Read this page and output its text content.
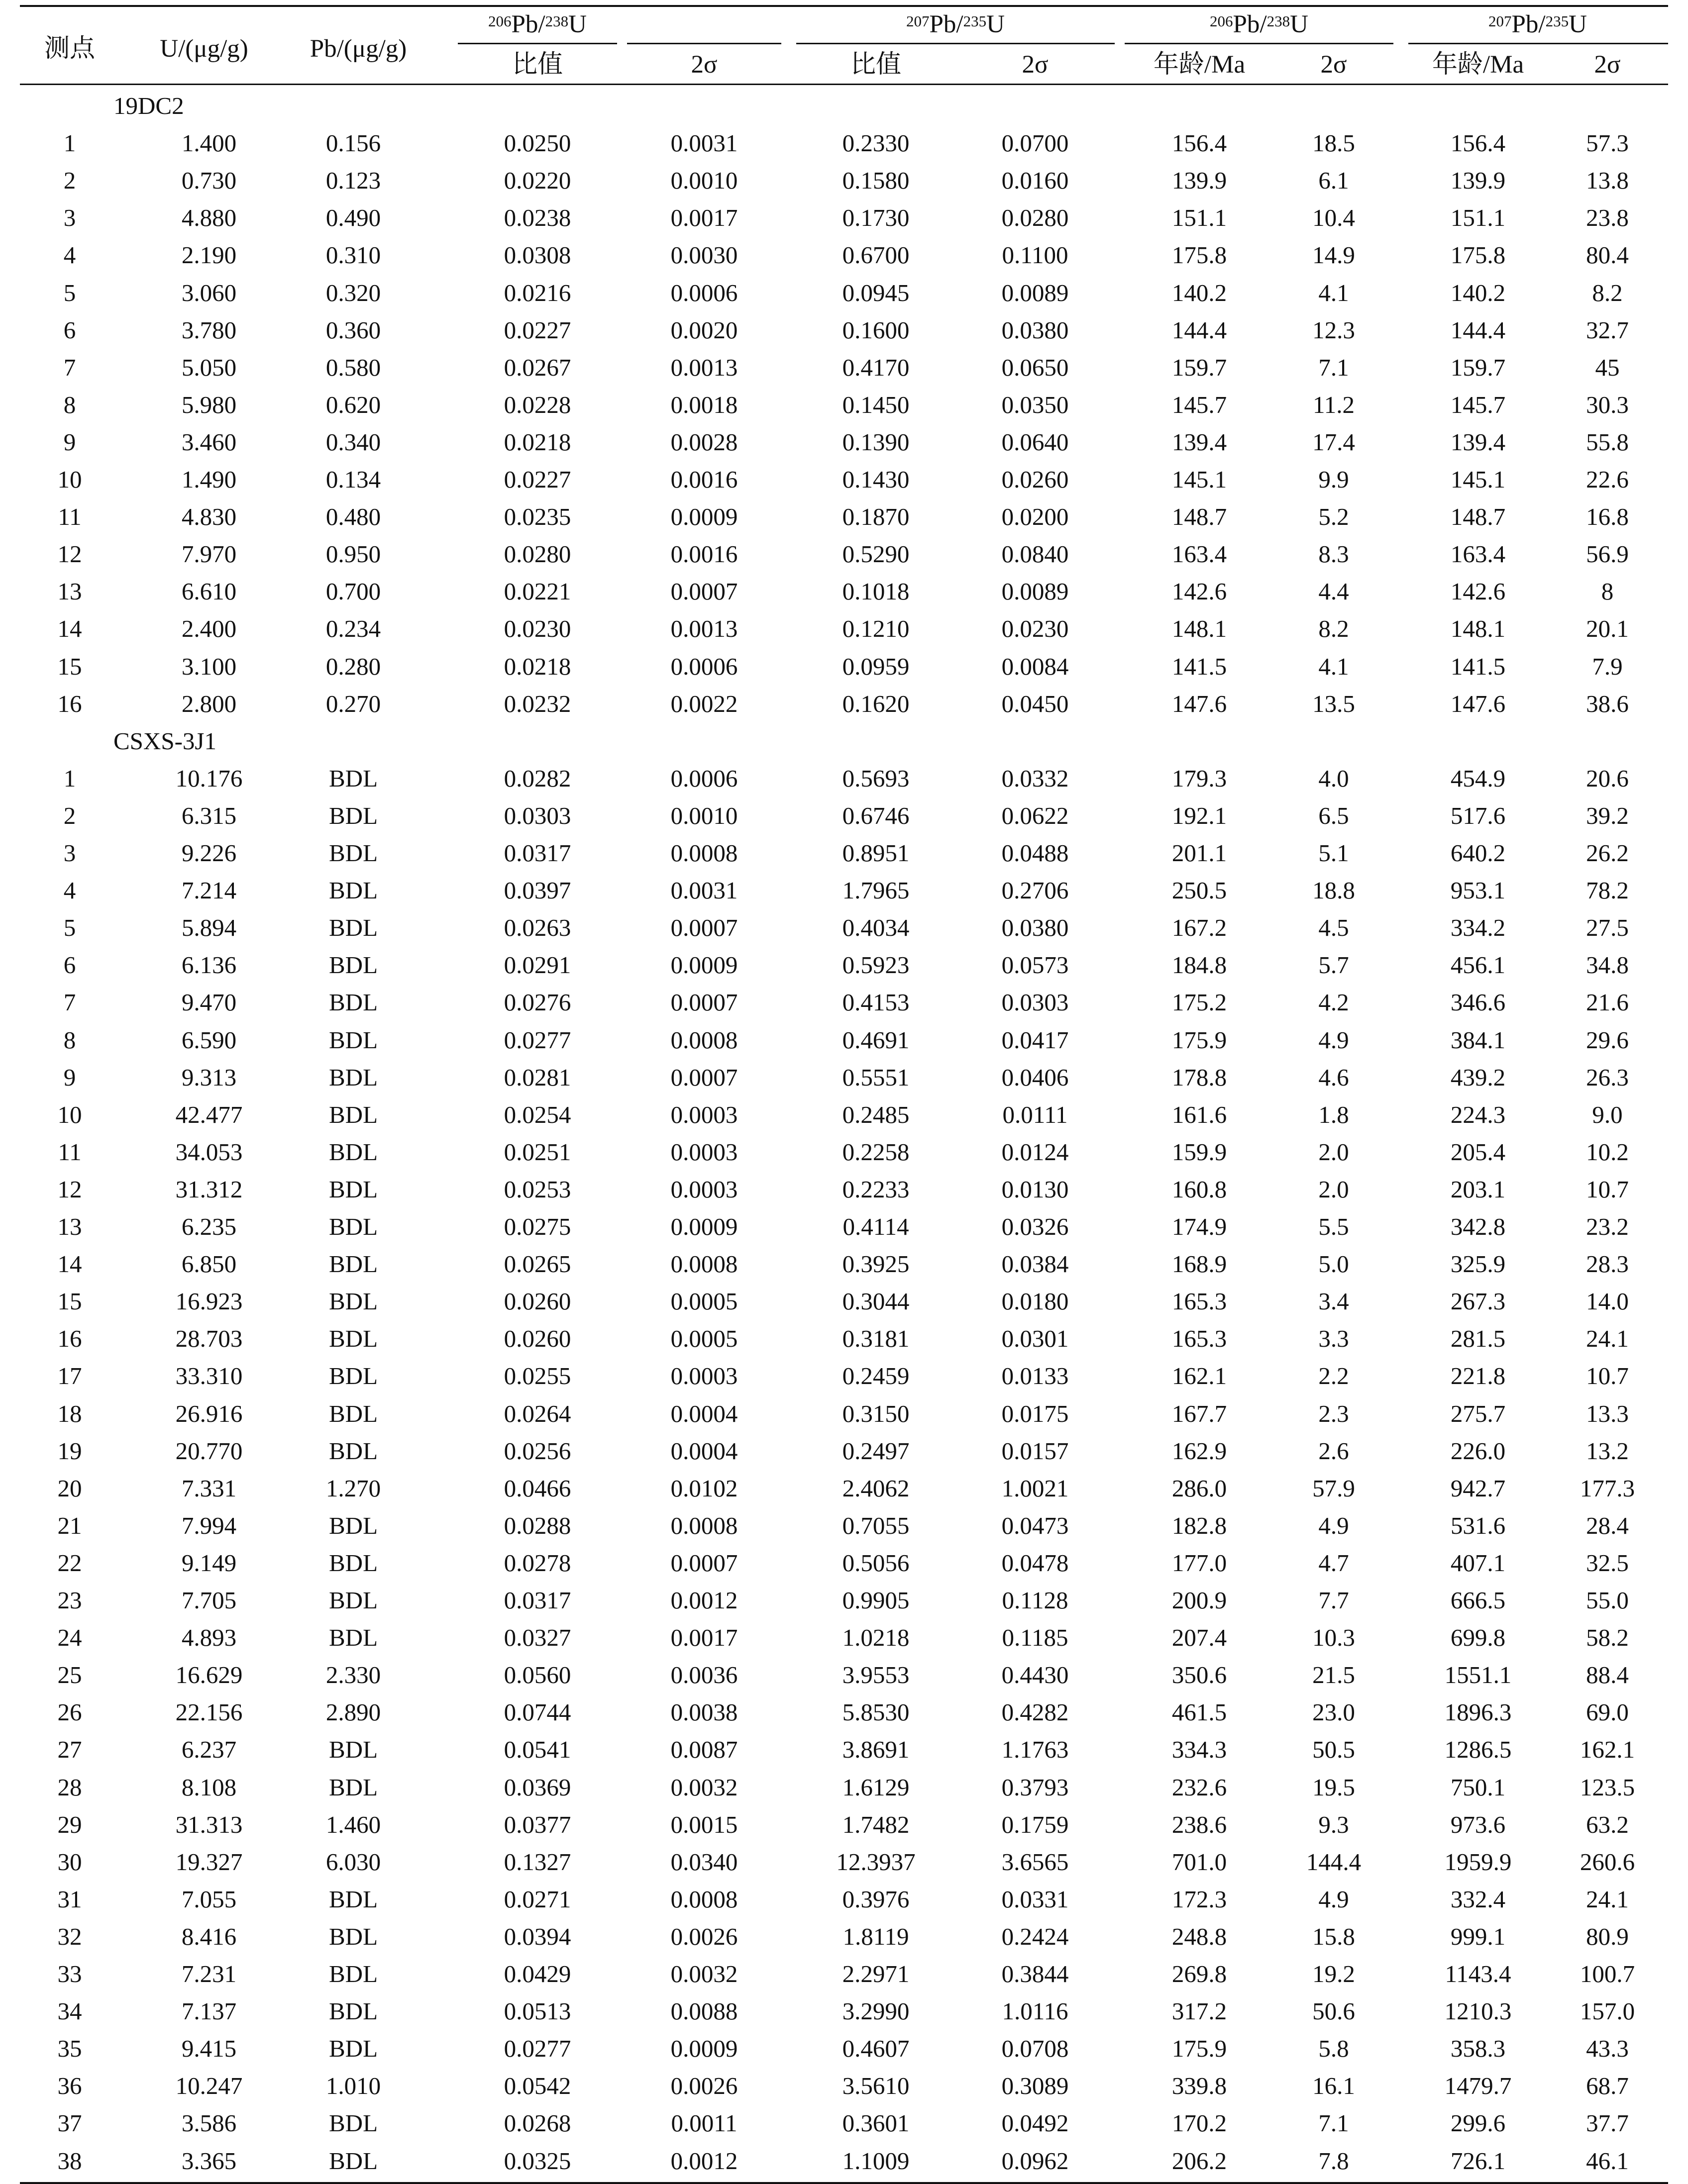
测点	U/(μg/g)	Pb/(μg/g)
$^{206}$Pb/$^{238}$U	$^{207}$Pb/$^{235}$U	$^{206}$Pb/$^{238}$U	$^{207}$Pb/$^{235}$U
比值	2σ	比值	2σ	年龄/Ma	2σ	年龄/Ma	2σ
19DC2
1	1.400	0.156	0.0250	0.0031	0.2330	0.0700	156.4	18.5	156.4	57.3
2	0.730	0.123	0.0220	0.0010	0.1580	0.0160	139.9	6.1	139.9	13.8
3	4.880	0.490	0.0238	0.0017	0.1730	0.0280	151.1	10.4	151.1	23.8
4	2.190	0.310	0.0308	0.0030	0.6700	0.1100	175.8	14.9	175.8	80.4
5	3.060	0.320	0.0216	0.0006	0.0945	0.0089	140.2	4.1	140.2	8.2
6	3.780	0.360	0.0227	0.0020	0.1600	0.0380	144.4	12.3	144.4	32.7
7	5.050	0.580	0.0267	0.0013	0.4170	0.0650	159.7	7.1	159.7	45
8	5.980	0.620	0.0228	0.0018	0.1450	0.0350	145.7	11.2	145.7	30.3
9	3.460	0.340	0.0218	0.0028	0.1390	0.0640	139.4	17.4	139.4	55.8
10	1.490	0.134	0.0227	0.0016	0.1430	0.0260	145.1	9.9	145.1	22.6
11	4.830	0.480	0.0235	0.0009	0.1870	0.0200	148.7	5.2	148.7	16.8
12	7.970	0.950	0.0280	0.0016	0.5290	0.0840	163.4	8.3	163.4	56.9
13	6.610	0.700	0.0221	0.0007	0.1018	0.0089	142.6	4.4	142.6	8
14	2.400	0.234	0.0230	0.0013	0.1210	0.0230	148.1	8.2	148.1	20.1
15	3.100	0.280	0.0218	0.0006	0.0959	0.0084	141.5	4.1	141.5	7.9
16	2.800	0.270	0.0232	0.0022	0.1620	0.0450	147.6	13.5	147.6	38.6
CSXS-3J1
1	10.176	BDL	0.0282	0.0006	0.5693	0.0332	179.3	4.0	454.9	20.6
2	6.315	BDL	0.0303	0.0010	0.6746	0.0622	192.1	6.5	517.6	39.2
3	9.226	BDL	0.0317	0.0008	0.8951	0.0488	201.1	5.1	640.2	26.2
4	7.214	BDL	0.0397	0.0031	1.7965	0.2706	250.5	18.8	953.1	78.2
5	5.894	BDL	0.0263	0.0007	0.4034	0.0380	167.2	4.5	334.2	27.5
6	6.136	BDL	0.0291	0.0009	0.5923	0.0573	184.8	5.7	456.1	34.8
7	9.470	BDL	0.0276	0.0007	0.4153	0.0303	175.2	4.2	346.6	21.6
8	6.590	BDL	0.0277	0.0008	0.4691	0.0417	175.9	4.9	384.1	29.6
9	9.313	BDL	0.0281	0.0007	0.5551	0.0406	178.8	4.6	439.2	26.3
10	42.477	BDL	0.0254	0.0003	0.2485	0.0111	161.6	1.8	224.3	9.0
11	34.053	BDL	0.0251	0.0003	0.2258	0.0124	159.9	2.0	205.4	10.2
12	31.312	BDL	0.0253	0.0003	0.2233	0.0130	160.8	2.0	203.1	10.7
13	6.235	BDL	0.0275	0.0009	0.4114	0.0326	174.9	5.5	342.8	23.2
14	6.850	BDL	0.0265	0.0008	0.3925	0.0384	168.9	5.0	325.9	28.3
15	16.923	BDL	0.0260	0.0005	0.3044	0.0180	165.3	3.4	267.3	14.0
16	28.703	BDL	0.0260	0.0005	0.3181	0.0301	165.3	3.3	281.5	24.1
17	33.310	BDL	0.0255	0.0003	0.2459	0.0133	162.1	2.2	221.8	10.7
18	26.916	BDL	0.0264	0.0004	0.3150	0.0175	167.7	2.3	275.7	13.3
19	20.770	BDL	0.0256	0.0004	0.2497	0.0157	162.9	2.6	226.0	13.2
20	7.331	1.270	0.0466	0.0102	2.4062	1.0021	286.0	57.9	942.7	177.3
21	7.994	BDL	0.0288	0.0008	0.7055	0.0473	182.8	4.9	531.6	28.4
22	9.149	BDL	0.0278	0.0007	0.5056	0.0478	177.0	4.7	407.1	32.5
23	7.705	BDL	0.0317	0.0012	0.9905	0.1128	200.9	7.7	666.5	55.0
24	4.893	BDL	0.0327	0.0017	1.0218	0.1185	207.4	10.3	699.8	58.2
25	16.629	2.330	0.0560	0.0036	3.9553	0.4430	350.6	21.5	1551.1	88.4
26	22.156	2.890	0.0744	0.0038	5.8530	0.4282	461.5	23.0	1896.3	69.0
27	6.237	BDL	0.0541	0.0087	3.8691	1.1763	334.3	50.5	1286.5	162.1
28	8.108	BDL	0.0369	0.0032	1.6129	0.3793	232.6	19.5	750.1	123.5
29	31.313	1.460	0.0377	0.0015	1.7482	0.1759	238.6	9.3	973.6	63.2
30	19.327	6.030	0.1327	0.0340	12.3937	3.6565	701.0	144.4	1959.9	260.6
31	7.055	BDL	0.0271	0.0008	0.3976	0.0331	172.3	4.9	332.4	24.1
32	8.416	BDL	0.0394	0.0026	1.8119	0.2424	248.8	15.8	999.1	80.9
33	7.231	BDL	0.0429	0.0032	2.2971	0.3844	269.8	19.2	1143.4	100.7
34	7.137	BDL	0.0513	0.0088	3.2990	1.0116	317.2	50.6	1210.3	157.0
35	9.415	BDL	0.0277	0.0009	0.4607	0.0708	175.9	5.8	358.3	43.3
36	10.247	1.010	0.0542	0.0026	3.5610	0.3089	339.8	16.1	1479.7	68.7
37	3.586	BDL	0.0268	0.0011	0.3601	0.0492	170.2	7.1	299.6	37.7
38	3.365	BDL	0.0325	0.0012	1.1009	0.0962	206.2	7.8	726.1	46.1
